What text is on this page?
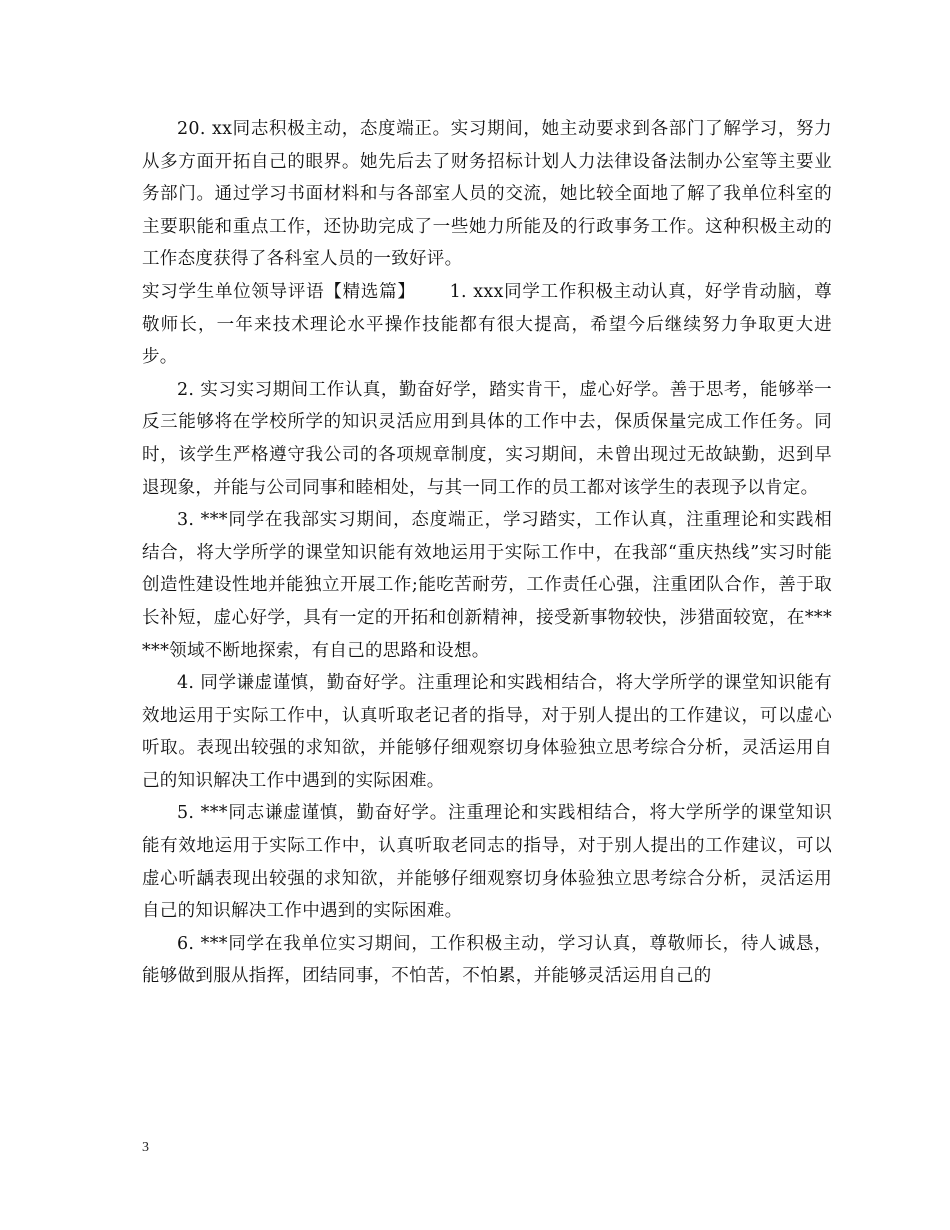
20. xx同志积极主动，态度端正。实习期间，她主动要求到各部门了解学习，努力从多方面开拓自己的眼界。她先后去了财务招标计划人力法律设备法制办公室等主要业务部门。通过学习书面材料和与各部室人员的交流，她比较全面地了解了我单位科室的主要职能和重点工作，还协助完成了一些她力所能及的行政事务工作。这种积极主动的工作态度获得了各科室人员的一致好评。

实习学生单位领导评语【精选篇】　　 1. xxx同学工作积极主动认真，好学肯动脑，尊敬师长，一年来技术理论水平操作技能都有很大提高，希望今后继续努力争取更大进步。

2. 实习实习期间工作认真，勤奋好学，踏实肯干，虚心好学。善于思考，能够举一反三能够将在学校所学的知识灵活应用到具体的工作中去，保质保量完成工作任务。同时，该学生严格遵守我公司的各项规章制度，实习期间，未曾出现过无故缺勤，迟到早退现象，并能与公司同事和睦相处，与其一同工作的员工都对该学生的表现予以肯定。

3. ***同学在我部实习期间，态度端正，学习踏实，工作认真，注重理论和实践相结合，将大学所学的课堂知识能有效地运用于实际工作中，在我部“重庆热线”实习时能创造性建设性地并能独立开展工作;能吃苦耐劳，工作责任心强，注重团队合作，善于取长补短，虚心好学，具有一定的开拓和创新精神，接受新事物较快，涉猎面较宽，在******领域不断地探索，有自己的思路和设想。

4. 同学谦虚谨慎，勤奋好学。注重理论和实践相结合，将大学所学的课堂知识能有效地运用于实际工作中，认真听取老记者的指导，对于别人提出的工作建议，可以虚心听取。表现出较强的求知欲，并能够仔细观察切身体验独立思考综合分析，灵活运用自己的知识解决工作中遇到的实际困难。

5. ***同志谦虚谨慎，勤奋好学。注重理论和实践相结合，将大学所学的课堂知识能有效地运用于实际工作中，认真听取老同志的指导，对于别人提出的工作建议，可以虚心听龋表现出较强的求知欲，并能够仔细观察切身体验独立思考综合分析，灵活运用自己的知识解决工作中遇到的实际困难。

6. ***同学在我单位实习期间，工作积极主动，学习认真，尊敬师长，待人诚恳，能够做到服从指挥，团结同事，不怕苦，不怕累，并能够灵活运用自己的

3
